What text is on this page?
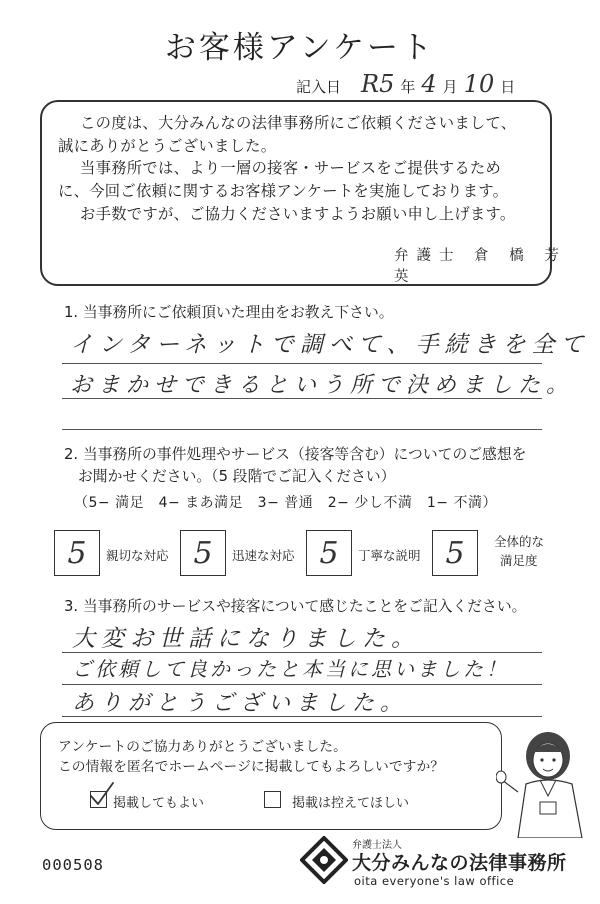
お客様アンケート
記入日 R5 年 4 月 10 日
この度は、大分みんなの法律事務所にご依頼くださいまして、
誠にありがとうございました。
当事務所では、より一層の接客・サービスをご提供するため
に、今回ご依頼に関するお客様アンケートを実施しております。
お手数ですが、ご協力くださいますようお願い申し上げます。
弁護士 倉 橋 芳 英
1. 当事務所にご依頼頂いた理由をお教え下さい。
インターネットで調べて、手続きを全て
おまかせできるという所で決めました。
2. 当事務所の事件処理やサービス（接客等含む）についてのご感想を
お聞かせください。（5 段階でご記入ください）
（5− 満足　4− まあ満足　3− 普通　2− 少し不満　1− 不満）
5	親切な対応 5	迅速な対応 5	丁寧な説明 5	全体的な
満足度
3. 当事務所のサービスや接客について感じたことをご記入ください。
大変お世話になりました。
ご依頼して良かったと本当に思いました！
ありがとうございました。
アンケートのご協力ありがとうございました。
この情報を匿名でホームページに掲載してもよろしいですか？
掲載してもよい	掲載は控えてほしい
000508
弁護士法人
大分みんなの法律事務所
oita everyone's law office
